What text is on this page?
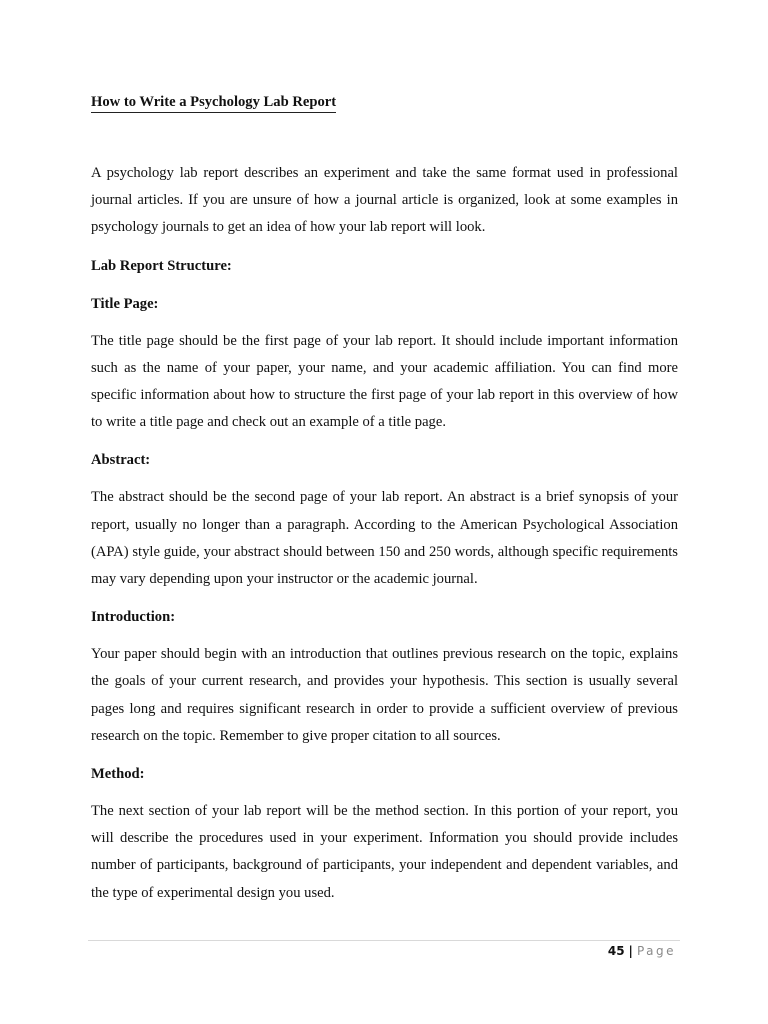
How to Write a Psychology Lab Report

A psychology lab report describes an experiment and take the same format used in professional journal articles. If you are unsure of how a journal article is organized, look at some examples in psychology journals to get an idea of how your lab report will look.

Lab Report Structure:
Title Page:

The title page should be the first page of your lab report. It should include important information such as the name of your paper, your name, and your academic affiliation. You can find more specific information about how to structure the first page of your lab report in this overview of how to write a title page and check out an example of a title page.

Abstract:

The abstract should be the second page of your lab report. An abstract is a brief synopsis of your report, usually no longer than a paragraph. According to the American Psychological Association (APA) style guide, your abstract should between 150 and 250 words, although specific requirements may vary depending upon your instructor or the academic journal.

Introduction:

Your paper should begin with an introduction that outlines previous research on the topic, explains the goals of your current research, and provides your hypothesis. This section is usually several pages long and requires significant research in order to provide a sufficient overview of previous research on the topic. Remember to give proper citation to all sources.

Method:

The next section of your lab report will be the method section. In this portion of your report, you will describe the procedures used in your experiment. Information you should provide includes number of participants, background of participants, your independent and dependent variables, and the type of experimental design you used.

45 | Page
